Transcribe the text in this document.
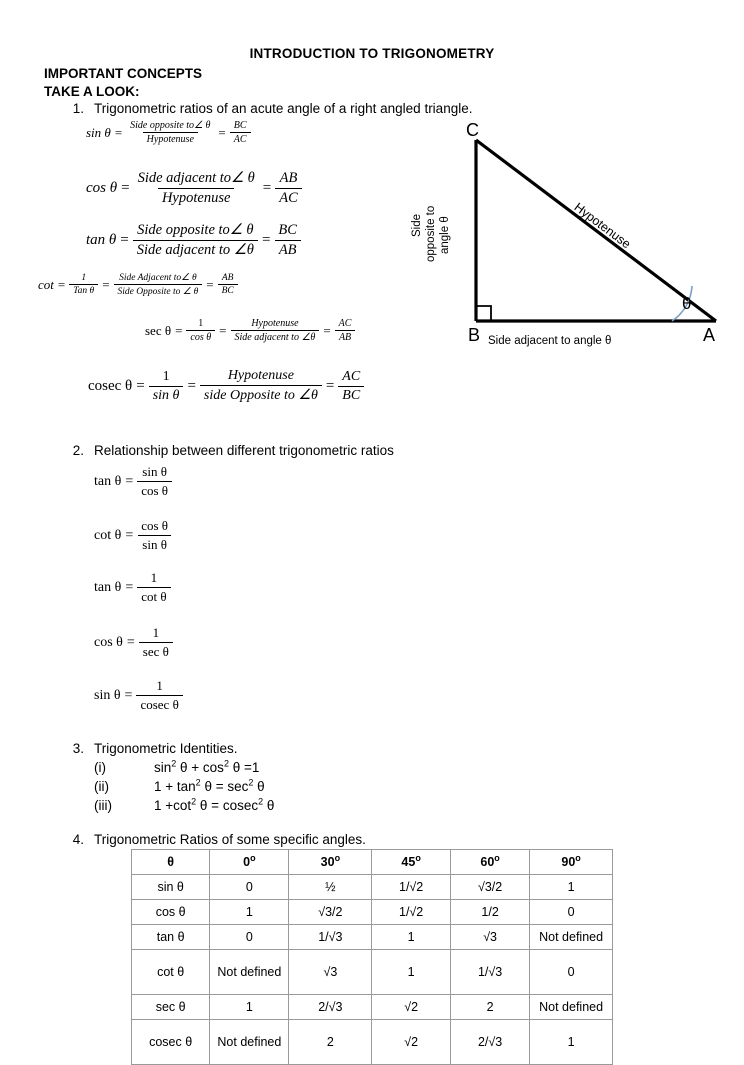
INTRODUCTION TO TRIGONOMETRY
IMPORTANT CONCEPTS
TAKE A LOOK:
1. Trigonometric ratios of an acute angle of a right angled triangle.
$\sin \theta = \frac{\text{Side opposite to∠ θ}}{\text{Hypotenuse}} = \frac{BC}{AC}$
$\cos \theta = \frac{\text{Side adjacent to∠ θ}}{\text{Hypotenuse}} = \frac{AB}{AC}$
$\tan \theta = \frac{\text{Side opposite to∠ θ}}{\text{Side adjacent to ∠θ}} = \frac{BC}{AB}$
$\cot = \frac{1}{\text{Tan θ}} = \frac{\text{Side Adjacent to∠ θ}}{\text{Side Opposite to ∠ θ}} = \frac{AB}{BC}$
$\sec \theta = \frac{1}{\text{cos θ}} = \frac{\text{Hypotenuse}}{\text{Side adjacent to ∠θ}} = \frac{AC}{AB}$
cosec $\theta = \frac{1}{\text{sin θ}} = \frac{\text{Hypotenuse}}{\text{side Opposite to ∠θ}} = \frac{AC}{BC}$
C
B	A
Hypotenuse
θ
Side adjacent to angle θ
Side opposite to angle θ
2. Relationship between different trigonometric ratios
$\tan \theta = \frac{\text{sin θ}}{\text{cos θ}}$
$\cot \theta = \frac{\text{cos θ}}{\text{sin θ}}$
$\tan \theta = \frac{1}{\text{cot θ}}$
$\cos \theta = \frac{1}{\text{sec θ}}$
$\sin \theta = \frac{1}{\text{cosec θ}}$
3. Trigonometric Identities.
(i)	$\sin^2 \theta + \cos^2 \theta =1$
(ii)	$1 + \tan^2 \theta = \sec^2 \theta$
(iii)	$1 +\cot^2$ θ = cosec$^2$ θ
4. Trigonometric Ratios of some specific angles.
θ	0$^o$	30$^o$	45$^o$	60$^o$	90$^o$
sin θ	0	½	1/√2	√3/2	1
cos θ	1	√3/2	1/√2	1/2	0
tan θ	0	1/√3	1	√3	Not defined
cot θ	Not defined	√3	1	1/√3	0
sec θ	1	2/√3	√2	2	Not defined
cosec θ	Not defined	2	√2	2/√3	1
